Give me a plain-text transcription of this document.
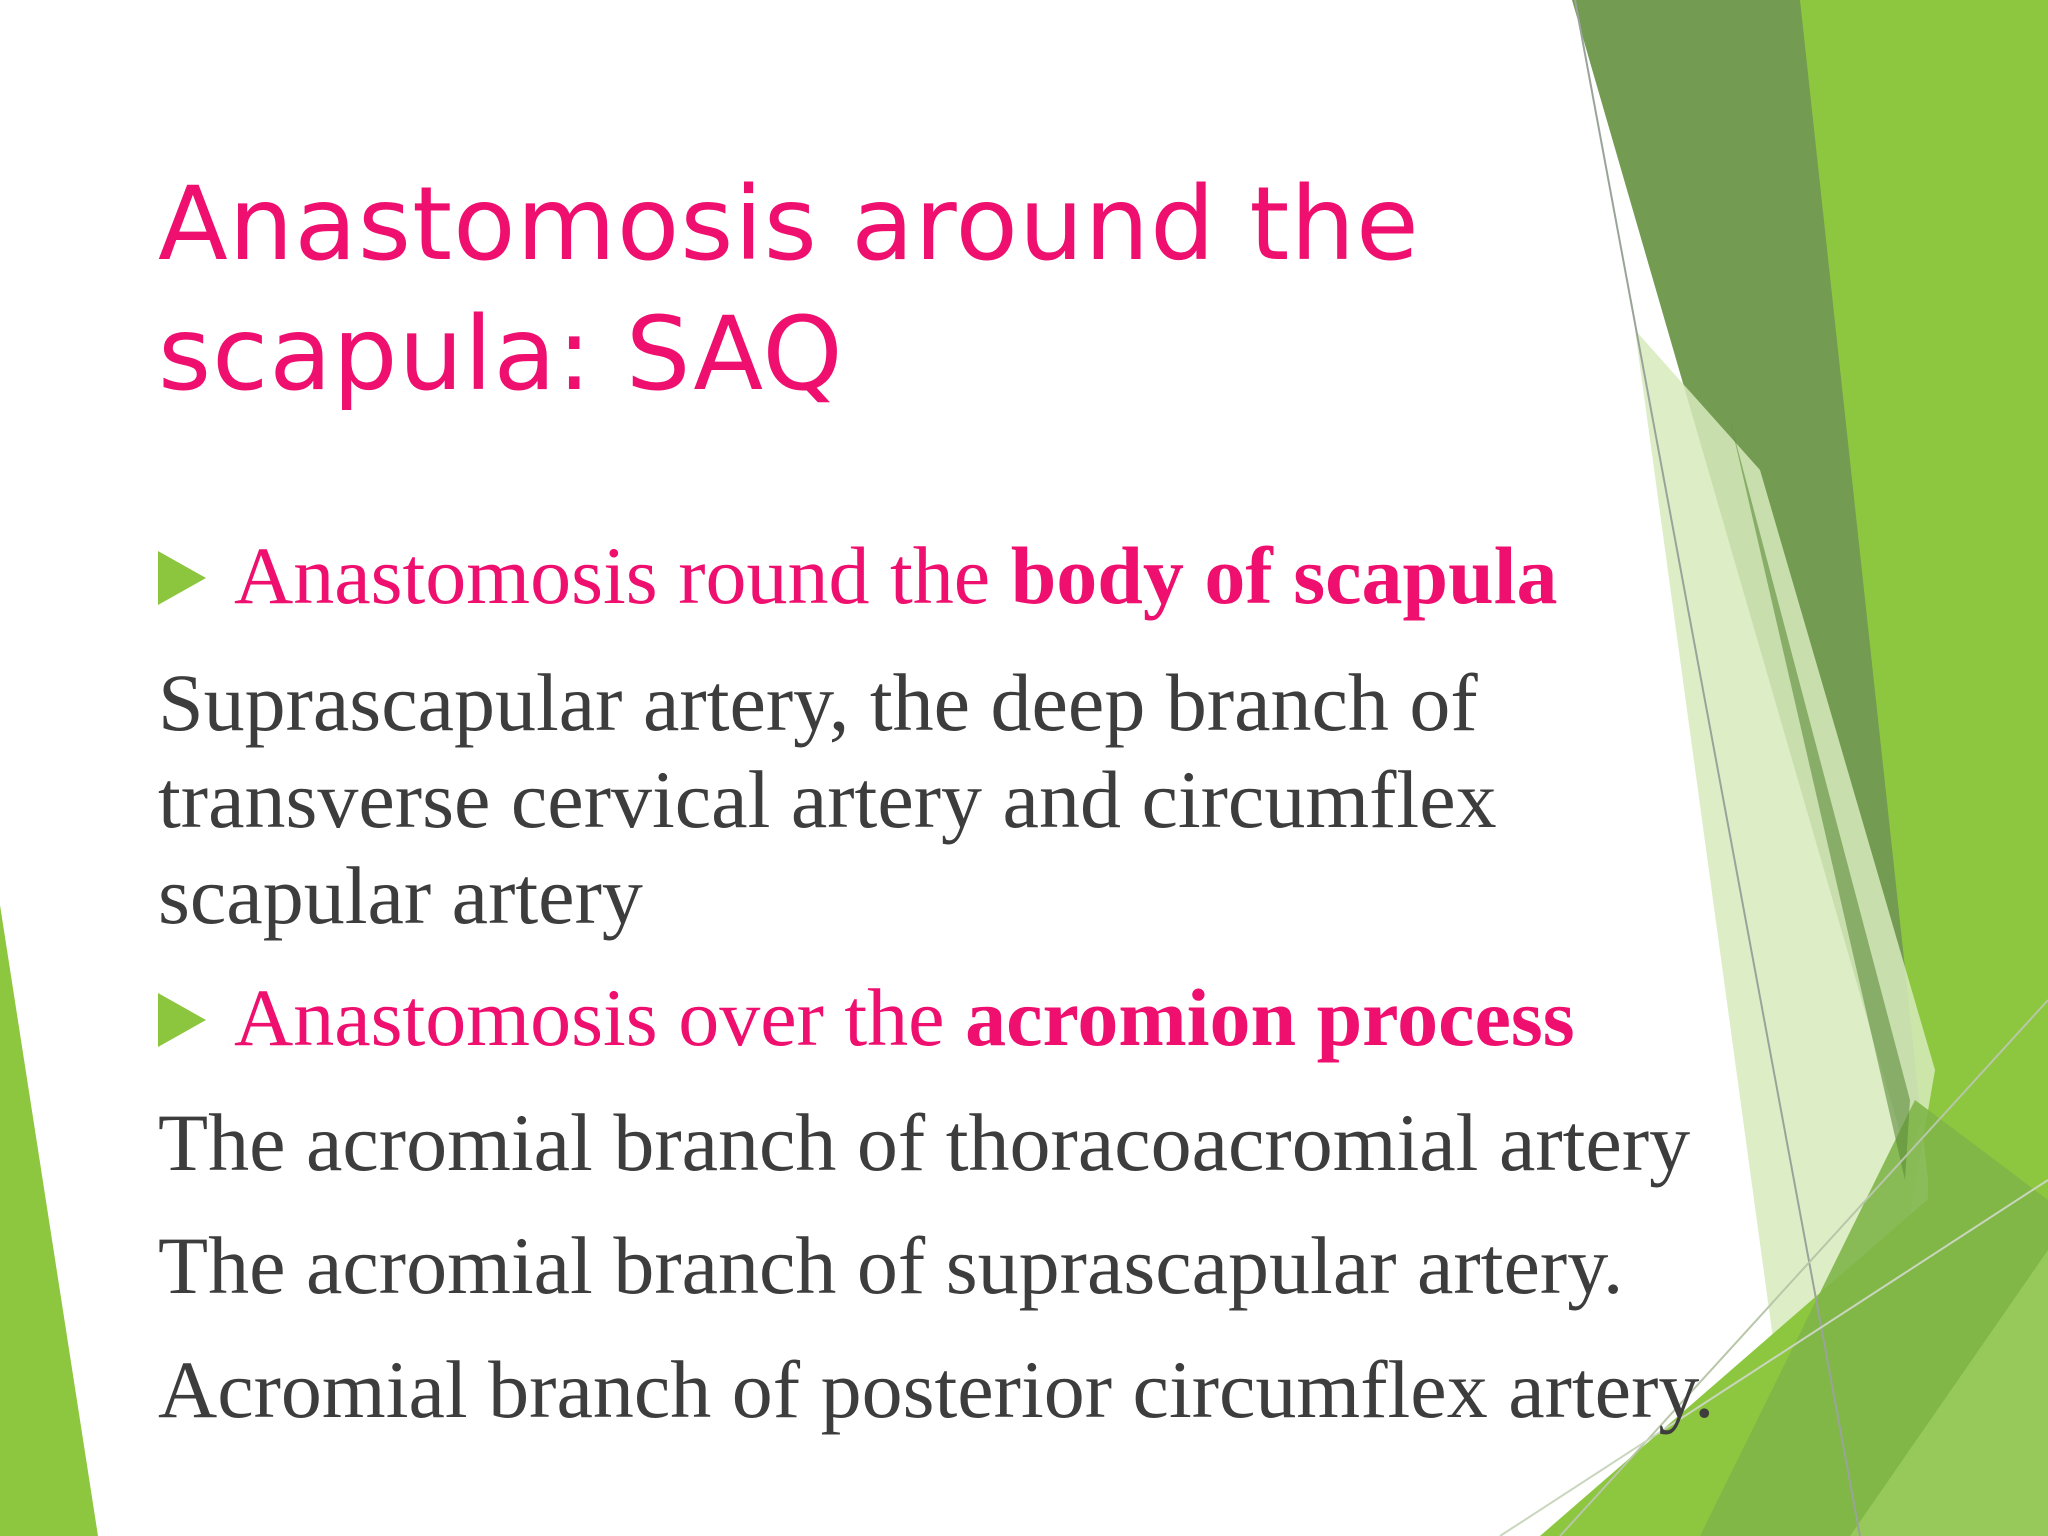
Anastomosis around the
scapula: SAQ
Anastomosis round the body of scapula
Suprascapular artery, the deep branch of
transverse cervical artery and circumflex
scapular artery
Anastomosis over the acromion process
The acromial branch of thoracoacromial artery
The acromial branch of suprascapular artery.
Acromial branch of posterior circumflex artery.
